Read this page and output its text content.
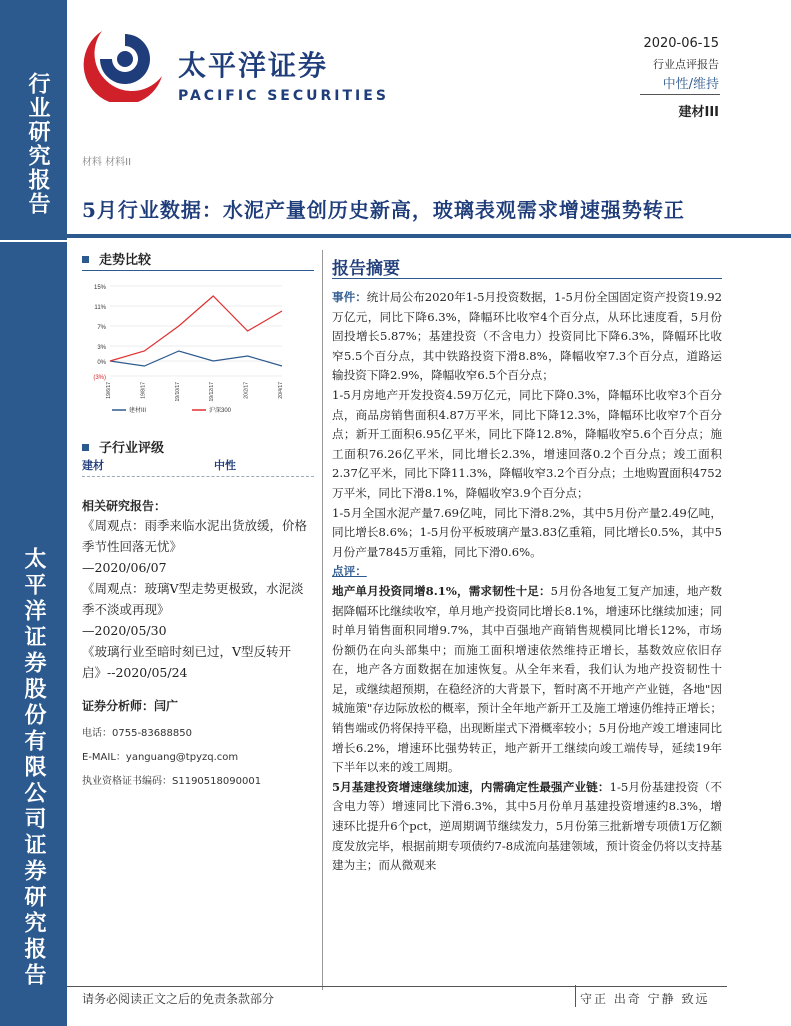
行业研究报告
太平洋证券股份有限公司证券研究报告
太平洋证券
PACIFIC SECURITIES
2020-06-15
行业点评报告
中性/维持
建材III
材料 材料II
5月行业数据：水泥产量创历史新高，玻璃表观需求增速强势转正
走势比较
15%
11%
7%
3%
0%
(3%)
19/6/17	19/8/17	19/10/17	19/12/17	20/2/17	20/4/17
建材III	沪深300
子行业评级
建材	中性
相关研究报告：
《周观点：雨季来临水泥出货放缓，价格季节性回落无忧》
—2020/06/07
《周观点：玻璃V型走势更极致，水泥淡季不淡或再现》
—2020/05/30
《玻璃行业至暗时刻已过，V型反转开启》--2020/05/24
证券分析师：闫广
电话：0755-83688850
E-MAIL：yanguang@tpyzq.com
执业资格证书编码：S1190518090001
报告摘要

事件：统计局公布2020年1-5月投资数据，1-5月份全国固定资产投资19.92万亿元，同比下降6.3%，降幅环比收窄4个百分点，从环比速度看，5月份固投增长5.87%；基建投资（不含电力）投资同比下降6.3%，降幅环比收窄5.5个百分点，其中铁路投资下滑8.8%，降幅收窄7.3个百分点，道路运输投资下降2.9%，降幅收窄6.5个百分点；

1-5月房地产开发投资4.59万亿元，同比下降0.3%，降幅环比收窄3个百分点，商品房销售面积4.87万平米，同比下降12.3%，降幅环比收窄7个百分点；新开工面积6.95亿平米，同比下降12.8%，降幅收窄5.6个百分点；施工面积76.26亿平米，同比增长2.3%，增速回落0.2个百分点；竣工面积2.37亿平米，同比下降11.3%，降幅收窄3.2个百分点；土地购置面积4752万平米，同比下滑8.1%，降幅收窄3.9个百分点；

1-5月全国水泥产量7.69亿吨，同比下滑8.2%，其中5月份产量2.49亿吨，同比增长8.6%；1-5月份平板玻璃产量3.83亿重箱，同比增长0.5%，其中5月份产量7845万重箱，同比下滑0.6%。

点评：

地产单月投资同增8.1%，需求韧性十足：5月份各地复工复产加速，地产数据降幅环比继续收窄，单月地产投资同比增长8.1%，增速环比继续加速；同时单月销售面积同增9.7%，其中百强地产商销售规模同比增长12%，市场份额仍在向头部集中；而施工面积增速依然维持正增长，基数效应依旧存在，地产各方面数据在加速恢复。从全年来看，我们认为地产投资韧性十足，或继续超预期，在稳经济的大背景下，暂时离不开地产产业链，各地"因城施策"存边际放松的概率，预计全年地产新开工及施工增速仍维持正增长；销售端或仍将保持平稳，出现断崖式下滑概率较小；5月份地产竣工增速同比增长6.2%，增速环比强势转正，地产新开工继续向竣工端传导，延续19年下半年以来的竣工周期。

5月基建投资增速继续加速，内需确定性最强产业链：1-5月份基建投资（不含电力等）增速同比下滑6.3%，其中5月份单月基建投资增速约8.3%，增速环比提升6个pct，逆周期调节继续发力，5月份第三批新增专项债1万亿额度发放完毕，根据前期专项债约7-8成流向基建领域，预计资金仍将以支持基建为主；而从微观来

请务必阅读正文之后的免责条款部分	守正 出奇 宁静 致远
